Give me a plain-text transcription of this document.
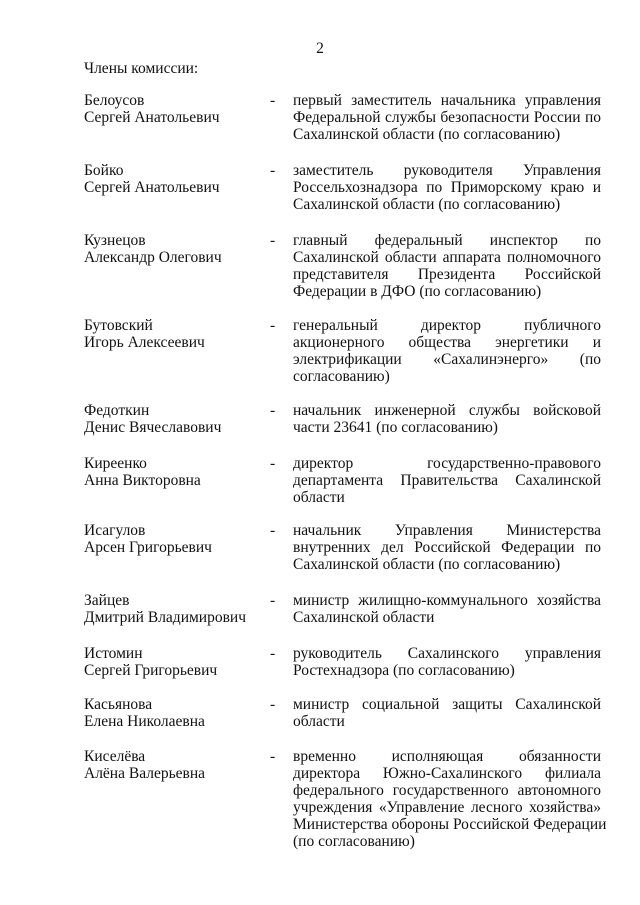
2
Члены комиссии:
Белоусов
Сергей Анатольевич
- первый заместитель начальника управления
Федеральной службы безопасности России по
Сахалинской области (по согласованию)
Бойко
Сергей Анатольевич
- заместитель руководителя Управления
Россельхознадзора по Приморскому краю и
Сахалинской области (по согласованию)
Кузнецов
Александр Олегович
- главный федеральный инспектор по
Сахалинской области аппарата полномочного
представителя Президента Российской
Федерации в ДФО (по согласованию)
Бутовский
Игорь Алексеевич
- генеральный директор публичного
акционерного общества энергетики и
электрификации «Сахалинэнерго» (по
согласованию)
Федоткин
Денис Вячеславович
- начальник инженерной службы войсковой
части 23641 (по согласованию)
Киреенко
Анна Викторовна
- директор государственно-правового
департамента Правительства Сахалинской
области
Исагулов
Арсен Григорьевич
- начальник Управления Министерства
внутренних дел Российской Федерации по
Сахалинской области (по согласованию)
Зайцев
Дмитрий Владимирович
- министр жилищно-коммунального хозяйства
Сахалинской области
Истомин
Сергей Григорьевич
- руководитель Сахалинского управления
Ростехнадзора (по согласованию)
Касьянова
Елена Николаевна
- министр социальной защиты Сахалинской
области
Киселёва
Алёна Валерьевна
- временно исполняющая обязанности
директора Южно-Сахалинского филиала
федерального государственного автономного
учреждения «Управление лесного хозяйства»
Министерства обороны Российской Федерации
(по согласованию)
